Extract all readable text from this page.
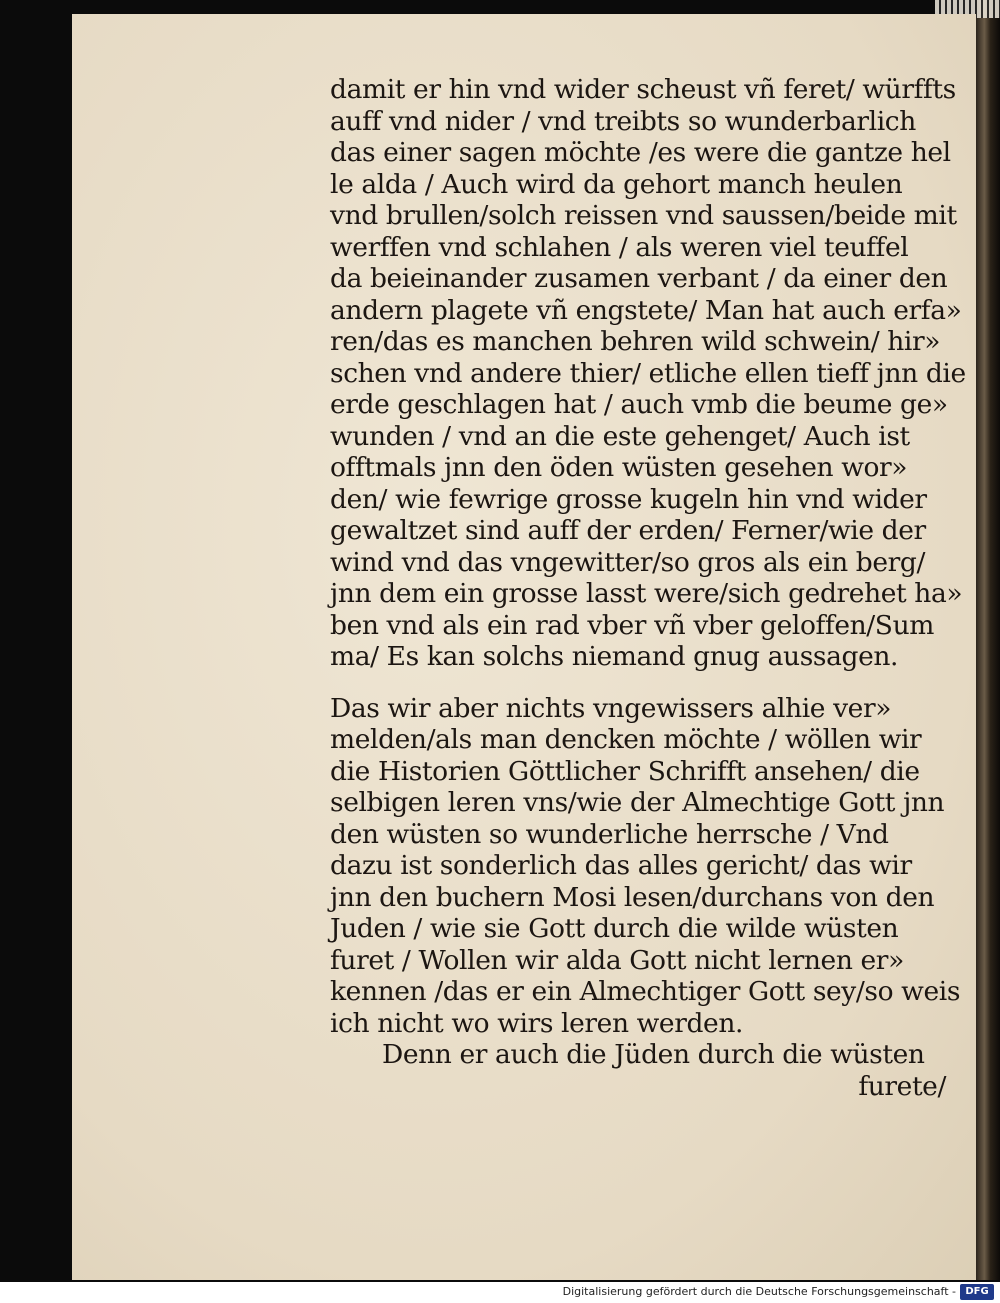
damit er hin vnd wider scheust vñ feret/ würffts
auff vnd nider / vnd treibts so wunderbarlich
das einer sagen möchte /es were die gantze hel
le alda / Auch wird da gehort manch heulen
vnd brullen/solch reissen vnd saussen/beide mit
werffen vnd schlahen / als weren viel teuffel
da beieinander zusamen verbant / da einer den
andern plagete vñ engstete/ Man hat auch erfa»
ren/das es manchen behren wild schwein/ hir»
schen vnd andere thier/ etliche ellen tieff jnn die
erde geschlagen hat / auch vmb die beume ge»
wunden / vnd an die este gehenget/ Auch ist
offtmals jnn den öden wüsten gesehen wor»
den/ wie fewrige grosse kugeln hin vnd wider
gewaltzet sind auff der erden/ Ferner/wie der
wind vnd das vngewitter/so gros als ein berg/
jnn dem ein grosse lasst were/sich gedrehet ha»
ben vnd als ein rad vber vñ vber geloffen/Sum
ma/ Es kan solchs niemand gnug aussagen.
Das wir aber nichts vngewissers alhie ver»
melden/als man dencken möchte / wöllen wir
die Historien Göttlicher Schrifft ansehen/ die
selbigen leren vns/wie der Almechtige Gott jnn
den wüsten so wunderliche herrsche / Vnd
dazu ist sonderlich das alles gericht/ das wir
jnn den buchern Mosi lesen/durchans von den
Juden / wie sie Gott durch die wilde wüsten
furet / Wollen wir alda Gott nicht lernen er»
kennen /das er ein Almechtiger Gott sey/so weis
ich nicht wo wirs leren werden.
Denn er auch die Jüden durch die wüsten
furete/
Digitalisierung gefördert durch die Deutsche Forschungsgemeinschaft - DFG
